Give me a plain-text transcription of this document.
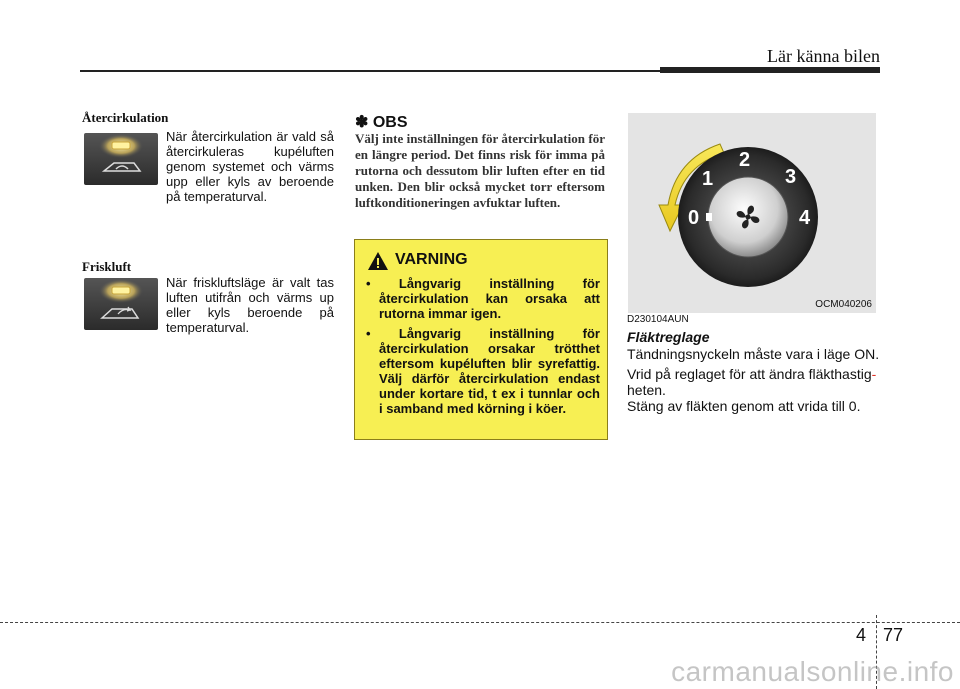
Lär känna bilen
Återcirkulation
När återcirkulation är vald så återcirkuleras kupéluften genom systemet och värms upp eller kyls av beroende på temperaturval.
Friskluft
När friskluftsläge är valt tas luften utifrån och värms up eller kyls beroende på temperaturval.
✽ OBS
Välj inte inställningen för återcirkulation för en längre period. Det finns risk för imma på rutorna och dessutom blir luften efter en tid unken. Den blir också mycket torr eftersom luftkonditioneringen avfuktar luften.
VARNING
• Långvarig inställning för återcirkulation kan orsaka att rutorna immar igen.
• Långvarig inställning för återcirkulation orsakar trötthet eftersom kupéluften blir syrefattig. Välj därför återcirkulation endast under kortare tid, t ex i tunnlar och i samband med körning i köer.
0
1
2
3
4
OCM040206
D230104AUN
Fläktreglage
Tändningsnyckeln måste vara i läge ON.
Vrid på reglaget för att ändra fläkthastig-
heten.
Stäng av fläkten genom att vrida till 0.
4 77
carmanualsonline.info
